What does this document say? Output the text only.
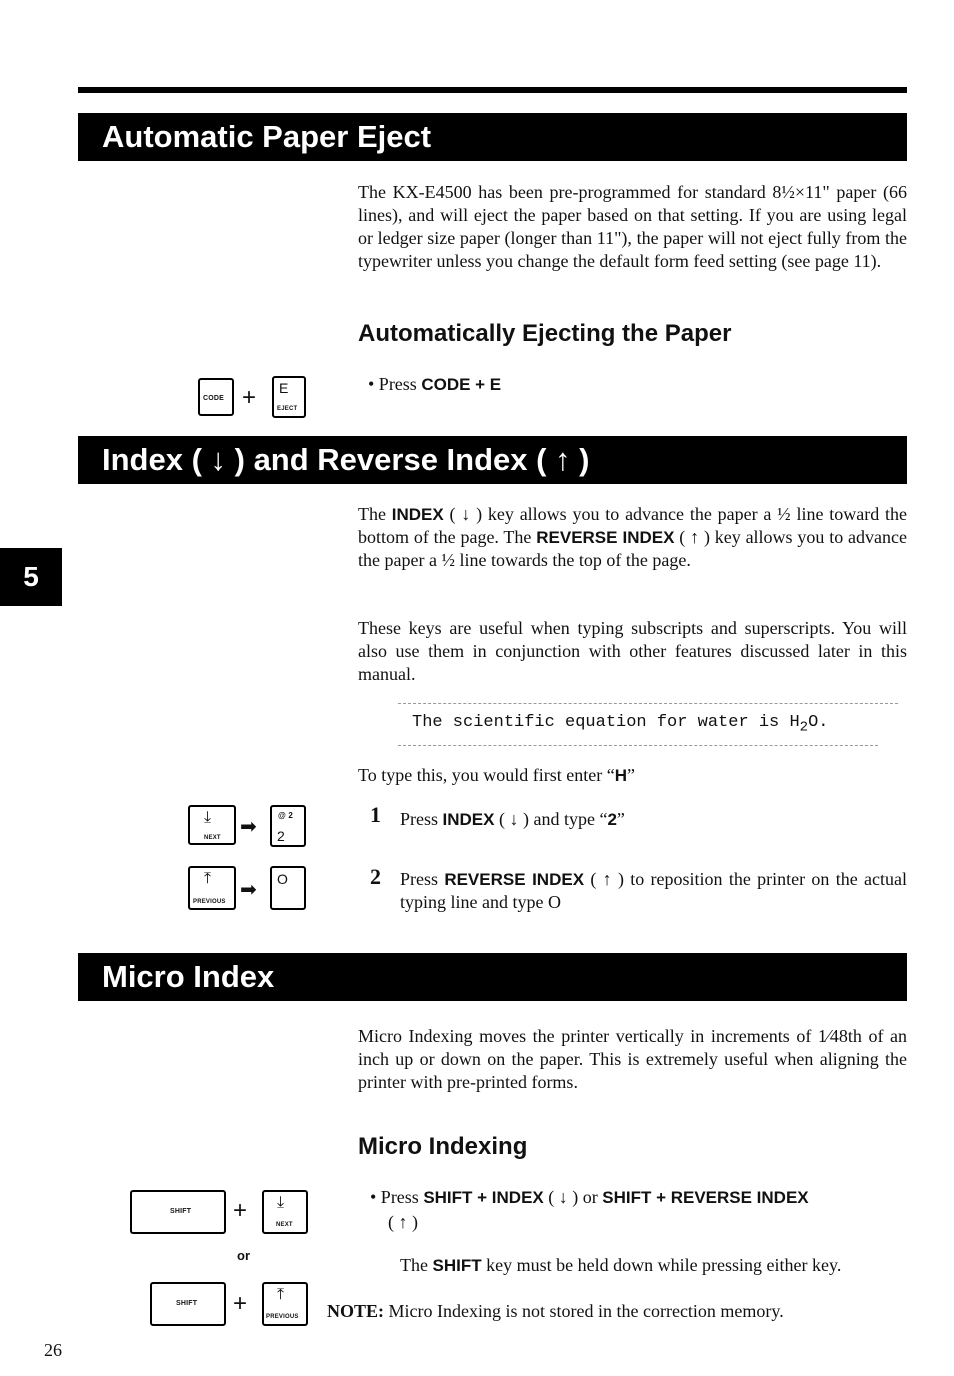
Automatic Paper Eject
The KX-E4500 has been pre-programmed for standard 8½×11" paper (66 lines), and will eject the paper based on that setting. If you are using legal or ledger size paper (longer than 11"), the paper will not eject fully from the typewriter unless you change the default form feed setting (see page 11).
Automatically Ejecting the Paper
CODE + E
EJECT
• Press CODE + E
Index ( ↓ ) and Reverse Index ( ↑ )
5
The INDEX ( ↓ ) key allows you to advance the paper a ½ line toward the bottom of the page. The REVERSE INDEX ( ↑ ) key allows you to advance the paper a ½ line towards the top of the page.
These keys are useful when typing subscripts and superscripts. You will also use them in conjunction with other features discussed later in this manual.
The scientific equation for water is $H_2O$.
To type this, you would first enter “H”
⤓
NEXT ➡
@ 2
2
1 Press INDEX ( ↓ ) and type “2”
⤒
PREVIOUS
➡ O	2 Press REVERSE INDEX ( ↑ ) to reposition the printer on the actual typing line and type O
Micro Index
Micro Indexing moves the printer vertically in increments of 1⁄48th of an inch up or down on the paper. This is extremely useful when aligning the printer with pre-printed forms.
Micro Indexing
SHIFT + ⤓
NEXT
or
SHIFT + ⤒
PREVIOUS
• Press SHIFT + INDEX ( ↓ ) or SHIFT + REVERSE INDEX
( ↑ )
The SHIFT key must be held down while pressing either key.
NOTE: Micro Indexing is not stored in the correction memory.
26
